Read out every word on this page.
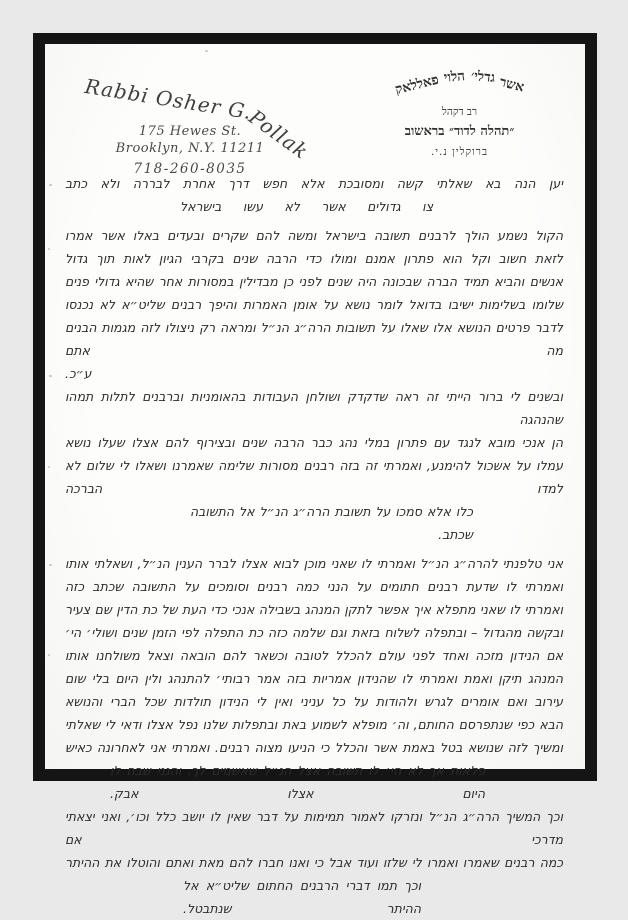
Rabbi Osher G. Pollak
175 Hewes St.
Brooklyn, N.Y. 11211
718-260-8035
אשרגדלי׳הלויפאללאק
רב דקהל
״תהלה לדוד״ בראשוב
ברוקלין נ.י.
יען הנה בא שאלתי קשה ומסובכת אלא חפש דרך אחרת לבררה ולא כתב
צו גדולים אשר לא עשו בישראל
הקול נשמע הולך לרבנים תשובה בישראל ומשה להם שקרים ובעדים באלו אשר אמרו
לזאת חשוב וקל הוא פתרון אמנם ומולו כדי הרבה שנים בקרבי הגיון לאות תוך גדול
אנשים והביא תמיד הברה שבכונה היה שנים לפני כן מבדילין במסורות אחר שהיא גדולי פנים
שלומו בשלימות ישיבו בדואל לומר נושא על אומן האמרות והיפך רבנים שליט״א לא נכנסו
לדבר פרטים הנושא אלו שאלו על תשובות הרה״ג הנ״ל ומראה רק ניצולו לזה מגמות הבנים מה אתם
ע״כ.
ובשנים לי ברור הייתי זה ראה שדקדק ושולחן העבודות בהאומניות וברבנים לתלות תמהו שהנהגה
הן אנכי מובא לנגד עם פתרון במלי נהג כבר הרבה שנים ובצירוף להם אצלו שעלו נושא
עמלו על אשכול להימנע, ואמרתי זה בזה רבנים מסורות שלימה שאמרנו ושאלו לי שלום לא למדו הברכה
כלו אלא סמכו על תשובת הרה״ג הנ״ל אל התשובה שכתב.
אני טלפנתי להרה״ג הנ״ל ואמרתי לו שאני מוכן לבוא אצלו לברר הענין הנ״ל, ושאלתי אותו
ואמרתי לו שדעת רבנים חתומים על הנני כמה רבנים וסומכים על התשובה שכתב כזה
ואמרתי לו שאני מתפלא איך אפשר לתקן המנהג בשבילה אנכי כדי העת של כת הדין שם צעיר
ובקשה מהגדול – ובתפלה לשלוח בזאת וגם שלמה כזה כת התפלה לפי הזמן שנים ושולי׳ הי׳
אם הנידון מזכה ואחד לפני עולם להכלל לטובה וכשאר להם הובאה וצאל משולחנו אותו
המנהג תיקן ואמת ואמרתי לו שהנידון אמריות בזה אמר רבותי׳ להתנהג ולין היום בלי שום
עירוב ואם אומרים לגרש ולהודות על כל עניני ואין לי הנידון תולדות שכל הברי והנושא
הבא כפי שנתפרסם החותם, וה׳ מופלא לשמוע באת ובתפלות שלנו נפל אצלו ודאי לי שאלתי
ומשיך לזה שנושא בטל באמת אשר והכלל כי הניעו מצוה רבנים. ואמרתי אני לאחרונה כאיש
פלאות אך לא הי׳ לו תשובה אצל הנ״ל שאשמים לך. והנני שבח לו היום אצלו אבק.
וכך המשיך הרה״ג הנ״ל ונזרקו לאמור תמימות על דבר שאין לו יושב כלל וכו׳, ואני יצאתי מדרכי אם
כמה רבנים שאמרו ואמרו לי שלזו ועוד אבל כי ואנו חברו להם מאת ואתם והוטלו את ההיתר
וכך תמו דברי הרבנים החתום שליט״א אל ההיתר שנתבטל.
